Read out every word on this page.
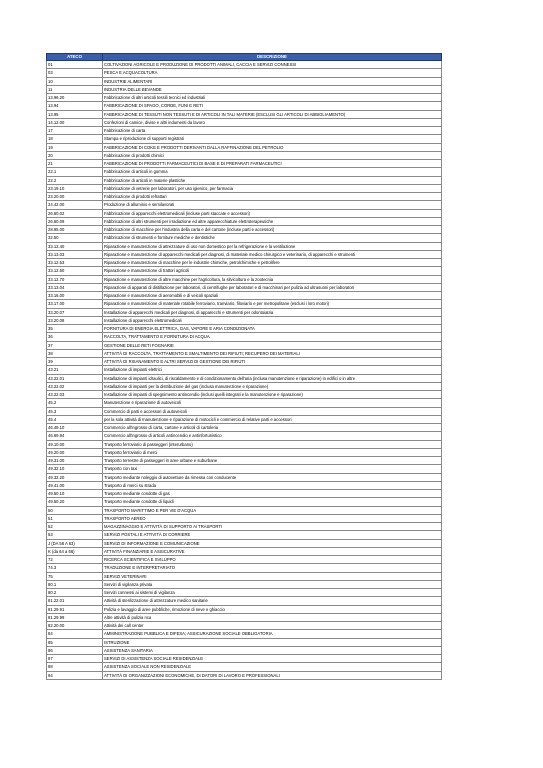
ATECO	DESCRIZIONE
01	COLTIVAZIONI AGRICOLE E PRODUZIONE DI PRODOTTI ANIMALI, CACCIA E SERVIZI CONNESSI
03	PESCA E ACQUACOLTURA
10	INDUSTRIE ALIMENTARI
11	INDUSTRIA DELLE BEVANDE
13.96.20	Fabbricazione di altri articoli tessili tecnici ed industriali
13.94	FABBRICAZIONE DI SPAGO, CORDE, FUNI E RETI
13.95	FABBRICAZIONE DI TESSUTI NON TESSUTI E DI ARTICOLI IN TALI MATERIE (ESCLUSI GLI ARTICOLI DI ABBIGLIAMENTO)
14.12.00	Confezioni di camice, divise e altri indumenti da lavoro
17	Fabbricazione di carta
18	Stampa e riproduzione di supporti registrati
19	FABBRICAZIONE DI COKE E PRODOTTI DERIVANTI DALLA RAFFINAZIONE DEL PETROLIO
20	Fabbricazione di prodotti chimici
21	FABBRICAZIONE DI PRODOTTI FARMACEUTICI DI BASE E DI PREPARATI FARMACEUTICI
22.1	Fabbricazione di articoli in gomma
22.2	Fabbricazione di articoli in materie plastiche
23.19.10	Fabbricazione di vetrerie per laboratori, per uso igienico, per farmacia
23.20.00	Fabbricazione di prodotti refrattari
24.42.00	Produzione di alluminio e semilavorati
26.60.02	Fabbricazione di apparecchi elettromedicali (incluse parti staccate e accessori)
26.60.09	Fabbricazione di altri strumenti per irradiazione ed altre apparecchiature elettroterapeutiche
28.95.00	Fabbricazione di macchine per l'industria della carta e del cartone (incluse parti e accessori)
32.50	Fabbricazione di strumenti e forniture mediche e dentistiche
33.12.40	Riparazione e manutenzione di attrezzature di uso non domestico per la refrigerazione e la ventilazione
33.13.03	Riparazione e manutenzione di apparecchi medicali per diagnosi, di materiale medico chirurgico e veterinario, di apparecchi e strumenti
33.12.53	Riparazione e manutenzione di macchine per le industrie chimiche, petrolchimiche e petrolifere
33.12.60	Riparazione e manutenzione di trattori agricoli
33.12.70	Riparazione e manutenzione di altre macchine per l'agricoltura, la silvicoltura e la zootecnia
33.13.04	Riparazione di apparati di distillazione per laboratori, di centrifughe per laboratori e di macchinari per pulizia ad ultrasuoni per laboratori
33.16.00	Riparazione e manutenzione di aeromobili e di veicoli spaziali
33.17.00	Riparazione e manutenzione di materiale rotabile ferroviario, tranviario, filoviario e per metropolitane (esclusi i loro motori)
33.20.07	Installazione di apparecchi medicali per diagnosi, di apparecchi e strumenti per odontoiatria
33.20.08	Installazione di apparecchi elettromedicali
35	FORNITURA DI ENERGIA ELETTRICA, GAS, VAPORE E ARIA CONDIZIONATA
36	RACCOLTA, TRATTAMENTO E FORNITURA DI ACQUA
37	GESTIONE DELLE RETI FOGNARIE
38	ATTIVITÀ DI RACCOLTA, TRATTAMENTO E SMALTIMENTO DEI RIFIUTI; RECUPERO DEI MATERIALI
39	ATTIVITÀ DI RISANAMENTO E ALTRI SERVIZI DI GESTIONE DEI RIFIUTI
43.21	Installazione di impianti elettrici
43.22.01	Installazione di impianti idraulici, di riscaldamento e di condizionamento dell'aria (inclusa manutenzione e riparazione) in edifici o in altre
43.22.02	Installazione di impianti per la distribuzione del gas (inclusa manutenzione e riparazione)
43.22.03	Installazione di impianti di spegnimento antincendio (inclusi quelli integrati e la manutenzione e riparazione)
45.2	Manutenzione e riparazione di autoveicoli
45.3	Commercio di parti e accessori di autoveicoli
45.4	per la sola attività di manutenzione e riparazione di motocicli e commercio di relative parti e accessori
46.49.10	Commercio all'ingrosso di carta, cartone e articoli di cartoleria
46.69.94	Commercio all'ingrosso di articoli antincendio e antinfortunistico
49.10.00	Trasporto ferroviario di passeggeri (interurbano)
49.20.00	Trasporto ferroviario di merci
49.31.00	Trasporto terrestre di passeggeri in aree urbane e suburbane
49.32.10	Trasporto con taxi
49.32.20	Trasporto mediante noleggio di autovetture da rimessa con conducente
49.41.00	Trasporto di merci su strada
49.50.10	Trasporto mediante condotte di gas
49.50.20	Trasporto mediante condotte di liquidi
50	TRASPORTO MARITTIMO E PER VIE D'ACQUA
51	TRASPORTO AEREO
52	MAGAZZINAGGIO E ATTIVITÀ DI SUPPORTO AI TRASPORTI
53	SERVIZI POSTALI E ATTIVITÀ DI CORRIERE
J (DA 58 A 63)	SERVIZI DI INFORMAZIONE E COMUNICAZIONE
K (da 64 a 66)	ATTIVITÀ FINANZIARIE E ASSICURATIVE
72	RICERCA SCIENTIFICA E SVILUPPO
74.3	TRADUZIONE E INTERPRETARIATO
75	SERVIZI VETERINARI
80.1	Servizi di vigilanza privata
80.2	Servizi connessi ai sistemi di vigilanza
81.22.01	Attività di sterilizzazione di attrezzature medico sanitarie
81.29.91	Pulizia e lavaggio di aree pubbliche, rimozione di neve e ghiaccio
81.29.99	Altre attività di pulizia nca
82.20.00	Attività dei call center
84	AMMINISTRAZIONE PUBBLICA E DIFESA; ASSICURAZIONE SOCIALE OBBLIGATORIA
85	ISTRUZIONE
86	ASSISTENZA SANITARIA
87	SERVIZI DI ASSISTENZA SOCIALE RESIDENZIALE
88	ASSISTENZA SOCIALE NON RESIDENZIALE
94	ATTIVITÀ DI ORGANIZZAZIONI ECONOMICHE, DI DATORI DI LAVORO E PROFESSIONALI
